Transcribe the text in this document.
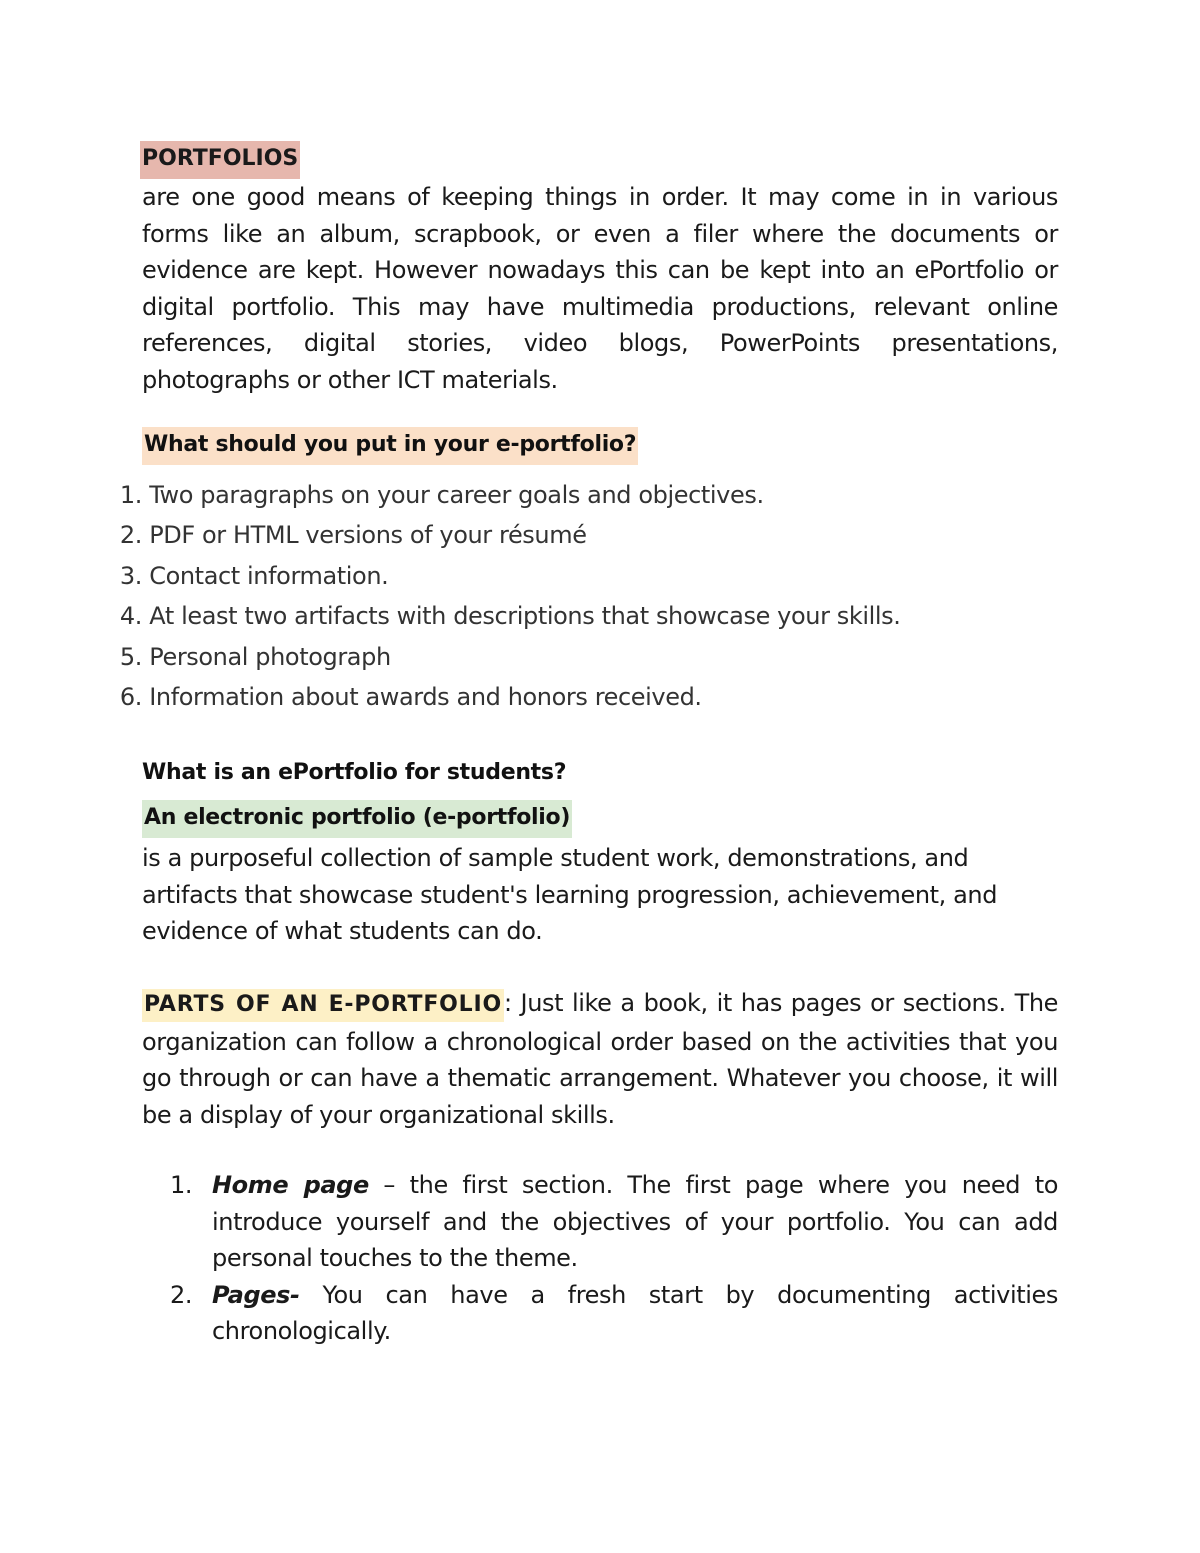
PORTFOLIOS

are one good means of keeping things in order. It may come in in various forms like an album, scrapbook, or even a filer where the documents or evidence are kept. However nowadays this can be kept into an ePortfolio or digital portfolio. This may have multimedia productions, relevant online references, digital stories, video blogs, PowerPoints presentations, photographs or other ICT materials.

What should you put in your e-portfolio?
1. Two paragraphs on your career goals and objectives.
2. PDF or HTML versions of your résumé
3. Contact information.
4. At least two artifacts with descriptions that showcase your skills.
5. Personal photograph
6. Information about awards and honors received.
What is an ePortfolio for students?
An electronic portfolio (e-portfolio)

is a purposeful collection of sample student work, demonstrations, and artifacts that showcase student's learning progression, achievement, and evidence of what students can do.

PARTS OF AN E-PORTFOLIO: Just like a book, it has pages or sections. The organization can follow a chronological order based on the activities that you go through or can have a thematic arrangement. Whatever you choose, it will be a display of your organizational skills.

1. Home page – the first section. The first page where you need to introduce yourself and the objectives of your portfolio. You can add personal touches to the theme.
2. Pages- You can have a fresh start by documenting activities chronologically.
